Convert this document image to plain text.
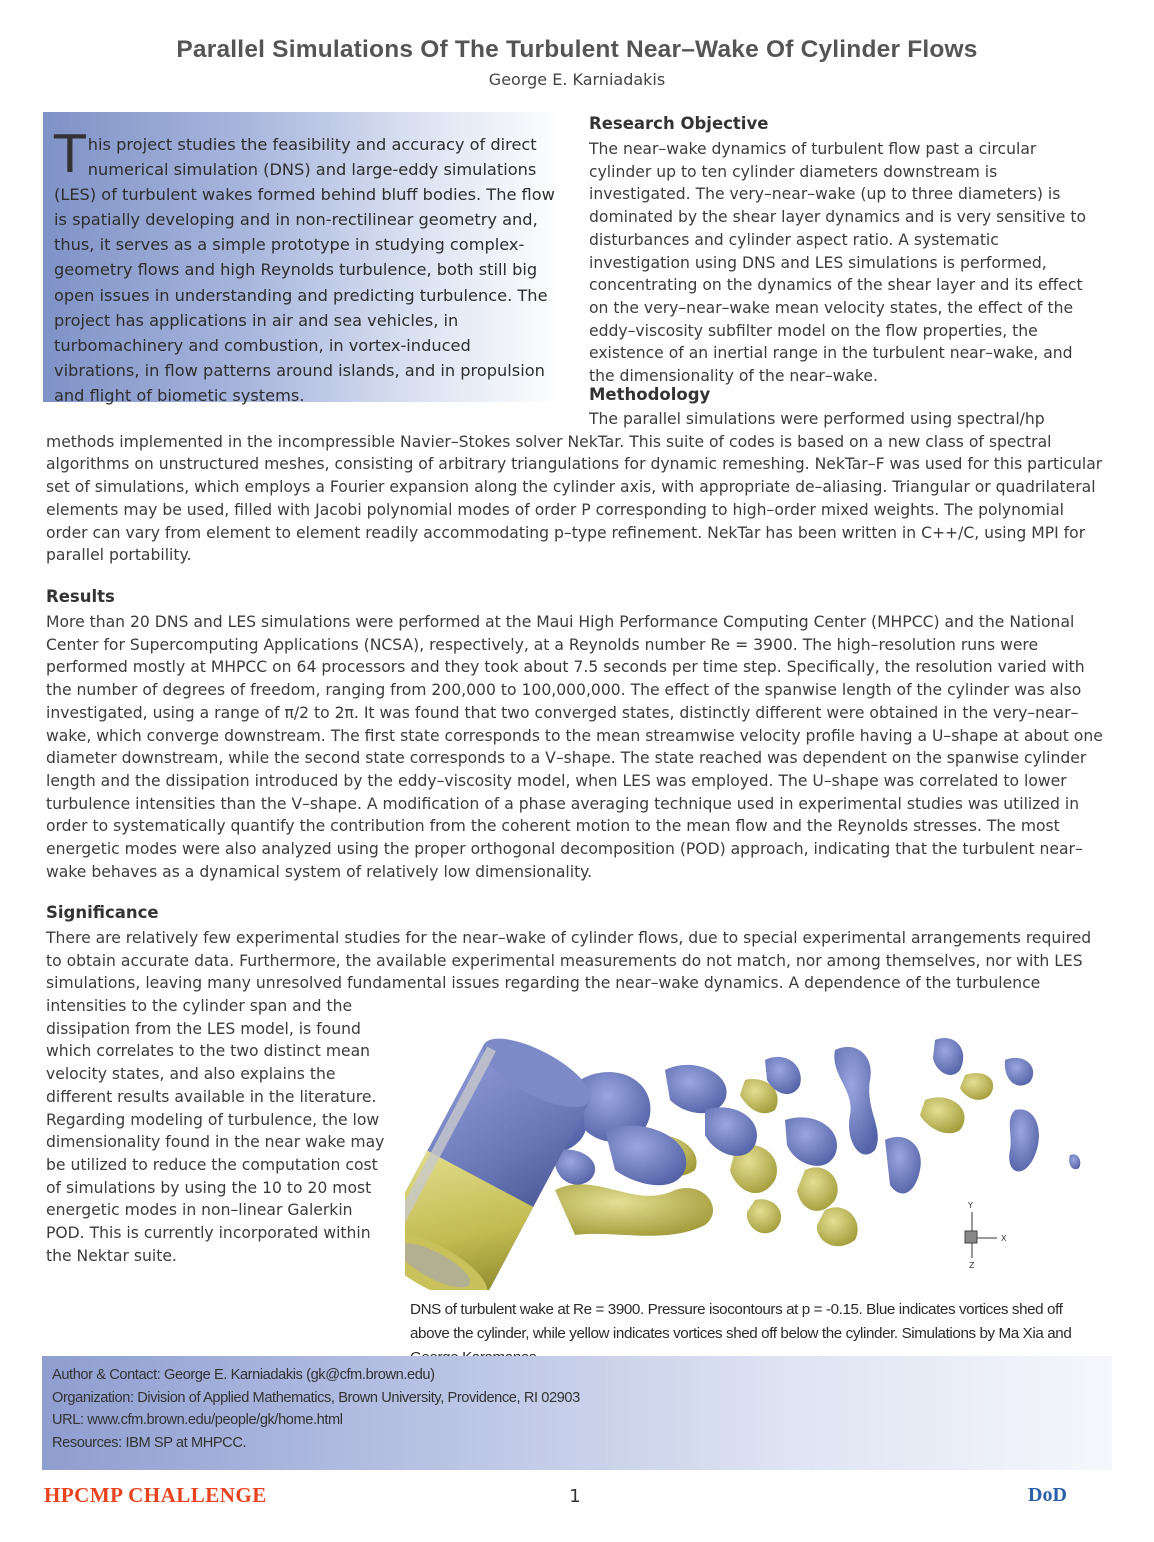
Parallel Simulations Of The Turbulent Near–Wake Of Cylinder Flows
George E. Karniadakis
This project studies the feasibility and accuracy of direct numerical simulation (DNS) and large-eddy simulations (LES) of turbulent wakes formed behind bluff bodies. The flow is spatially developing and in non-rectilinear geometry and, thus, it serves as a simple prototype in studying complex-geometry flows and high Reynolds turbulence, both still big open issues in understanding and predicting turbulence. The project has applications in air and sea vehicles, in turbomachinery and combustion, in vortex-induced vibrations, in flow patterns around islands, and in propulsion and flight of biometic systems.
Research Objective
The near–wake dynamics of turbulent flow past a circular cylinder up to ten cylinder diameters downstream is investigated. The very–near–wake (up to three diameters) is dominated by the shear layer dynamics and is very sensitive to disturbances and cylinder aspect ratio. A systematic investigation using DNS and LES simulations is performed, concentrating on the dynamics of the shear layer and its effect on the very–near–wake mean velocity states, the effect of the eddy–viscosity subfilter model on the flow properties, the existence of an inertial range in the turbulent near–wake, and the dimensionality of the near–wake.
Methodology
The parallel simulations were performed using spectral/hp methods implemented in the incompressible Navier–Stokes solver NekTar. This suite of codes is based on a new class of spectral algorithms on unstructured meshes, consisting of arbitrary triangulations for dynamic remeshing. NekTar–F was used for this particular set of simulations, which employs a Fourier expansion along the cylinder axis, with appropriate de–aliasing. Triangular or quadrilateral elements may be used, filled with Jacobi polynomial modes of order P corresponding to high–order mixed weights. The polynomial order can vary from element to element readily accommodating p–type refinement. NekTar has been written in C++/C, using MPI for parallel portability.
Results
More than 20 DNS and LES simulations were performed at the Maui High Performance Computing Center (MHPCC) and the National Center for Supercomputing Applications (NCSA), respectively, at a Reynolds number Re = 3900. The high–resolution runs were performed mostly at MHPCC on 64 processors and they took about 7.5 seconds per time step. Specifically, the resolution varied with the number of degrees of freedom, ranging from 200,000 to 100,000,000. The effect of the spanwise length of the cylinder was also investigated, using a range of π/2 to 2π. It was found that two converged states, distinctly different were obtained in the very–near–wake, which converge downstream. The first state corresponds to the mean streamwise velocity profile having a U–shape at about one diameter downstream, while the second state corresponds to a V–shape. The state reached was dependent on the spanwise cylinder length and the dissipation introduced by the eddy–viscosity model, when LES was employed. The U–shape was correlated to lower turbulence intensities than the V–shape. A modification of a phase averaging technique used in experimental studies was utilized in order to systematically quantify the contribution from the coherent motion to the mean flow and the Reynolds stresses. The most energetic modes were also analyzed using the proper orthogonal decomposition (POD) approach, indicating that the turbulent near–wake behaves as a dynamical system of relatively low dimensionality.
Significance
There are relatively few experimental studies for the near–wake of cylinder flows, due to special experimental arrangements required to obtain accurate data. Furthermore, the available experimental measurements do not match, nor among themselves, nor with LES simulations, leaving many unresolved fundamental issues regarding the near–wake dynamics. A dependence of the turbulence
intensities to the cylinder span and the dissipation from the LES model, is found which correlates to the two distinct mean velocity states, and also explains the different results available in the literature. Regarding modeling of turbulence, the low dimensionality found in the near wake may be utilized to reduce the computation cost of simulations by using the 10 to 20 most energetic modes in non–linear Galerkin POD. This is currently incorporated within the Nektar suite.
Y
X
Z
DNS of turbulent wake at Re = 3900. Pressure isocontours at p = -0.15. Blue indicates vortices shed off above the cylinder, while yellow indicates vortices shed off below the cylinder. Simulations by Ma Xia and
Author & Contact: George E. Karniadakis (gk@cfm.brown.edu)
Organization: Division of Applied Mathematics, Brown University, Providence, RI 02903
URL: www.cfm.brown.edu/people/gk/home.html
Resources: IBM SP at MHPCC.
HPCMP CHALLENGE	1	DoD
